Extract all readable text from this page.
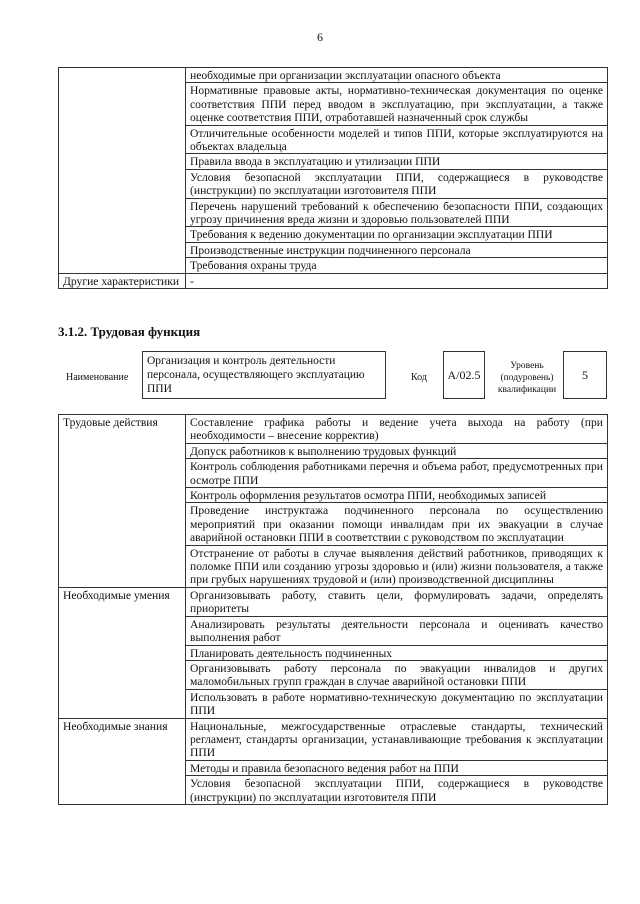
6
	необходимые при организации эксплуатации опасного объекта
	Нормативные правовые акты, нормативно-техническая документация по оценке соответствия ППИ перед вводом в эксплуатацию, при эксплуатации, а также оценке соответствия ППИ, отработавшей назначенный срок службы
	Отличительные особенности моделей и типов ППИ, которые эксплуатируются на объектах владельца
	Правила ввода в эксплуатацию и утилизации ППИ
	Условия безопасной эксплуатации ППИ, содержащиеся в руководстве (инструкции) по эксплуатации изготовителя ППИ
	Перечень нарушений требований к обеспечению безопасности ППИ, создающих угрозу причинения вреда жизни и здоровью пользователей ППИ
	Требования к ведению документации по организации эксплуатации ППИ
	Производственные инструкции подчиненного персонала
	Требования охраны труда
Другие характеристики	-
3.1.2. Трудовая функция
Наименование
Организация и контроль деятельности персонала, осуществляющего эксплуатацию ППИ
Код	A/02.5
Уровень (подуровень) квалификации
5
Трудовые действия	Составление графика работы и ведение учета выхода на работу (при необходимости – внесение корректив)
	Допуск работников к выполнению трудовых функций
	Контроль соблюдения работниками перечня и объема работ, предусмотренных при осмотре ППИ
	Контроль оформления результатов осмотра ППИ, необходимых записей
	Проведение инструктажа подчиненного персонала по осуществлению мероприятий при оказании помощи инвалидам при их эвакуации в случае аварийной остановки ППИ в соответствии с руководством по эксплуатации
	Отстранение от работы в случае выявления действий работников, приводящих к поломке ППИ или созданию угрозы здоровью и (или) жизни пользователя, а также при грубых нарушениях трудовой и (или) производственной дисциплины
Необходимые умения	Организовывать работу, ставить цели, формулировать задачи, определять приоритеты
	Анализировать результаты деятельности персонала и оценивать качество выполнения работ
	Планировать деятельность подчиненных
	Организовывать работу персонала по эвакуации инвалидов и других маломобильных групп граждан в случае аварийной остановки ППИ
	Использовать в работе нормативно-техническую документацию по эксплуатации ППИ
Необходимые знания	Национальные, межгосударственные отраслевые стандарты, технический регламент, стандарты организации, устанавливающие требования к эксплуатации ППИ
	Методы и правила безопасного ведения работ на ППИ
	Условия безопасной эксплуатации ППИ, содержащиеся в руководстве (инструкции) по эксплуатации изготовителя ППИ
